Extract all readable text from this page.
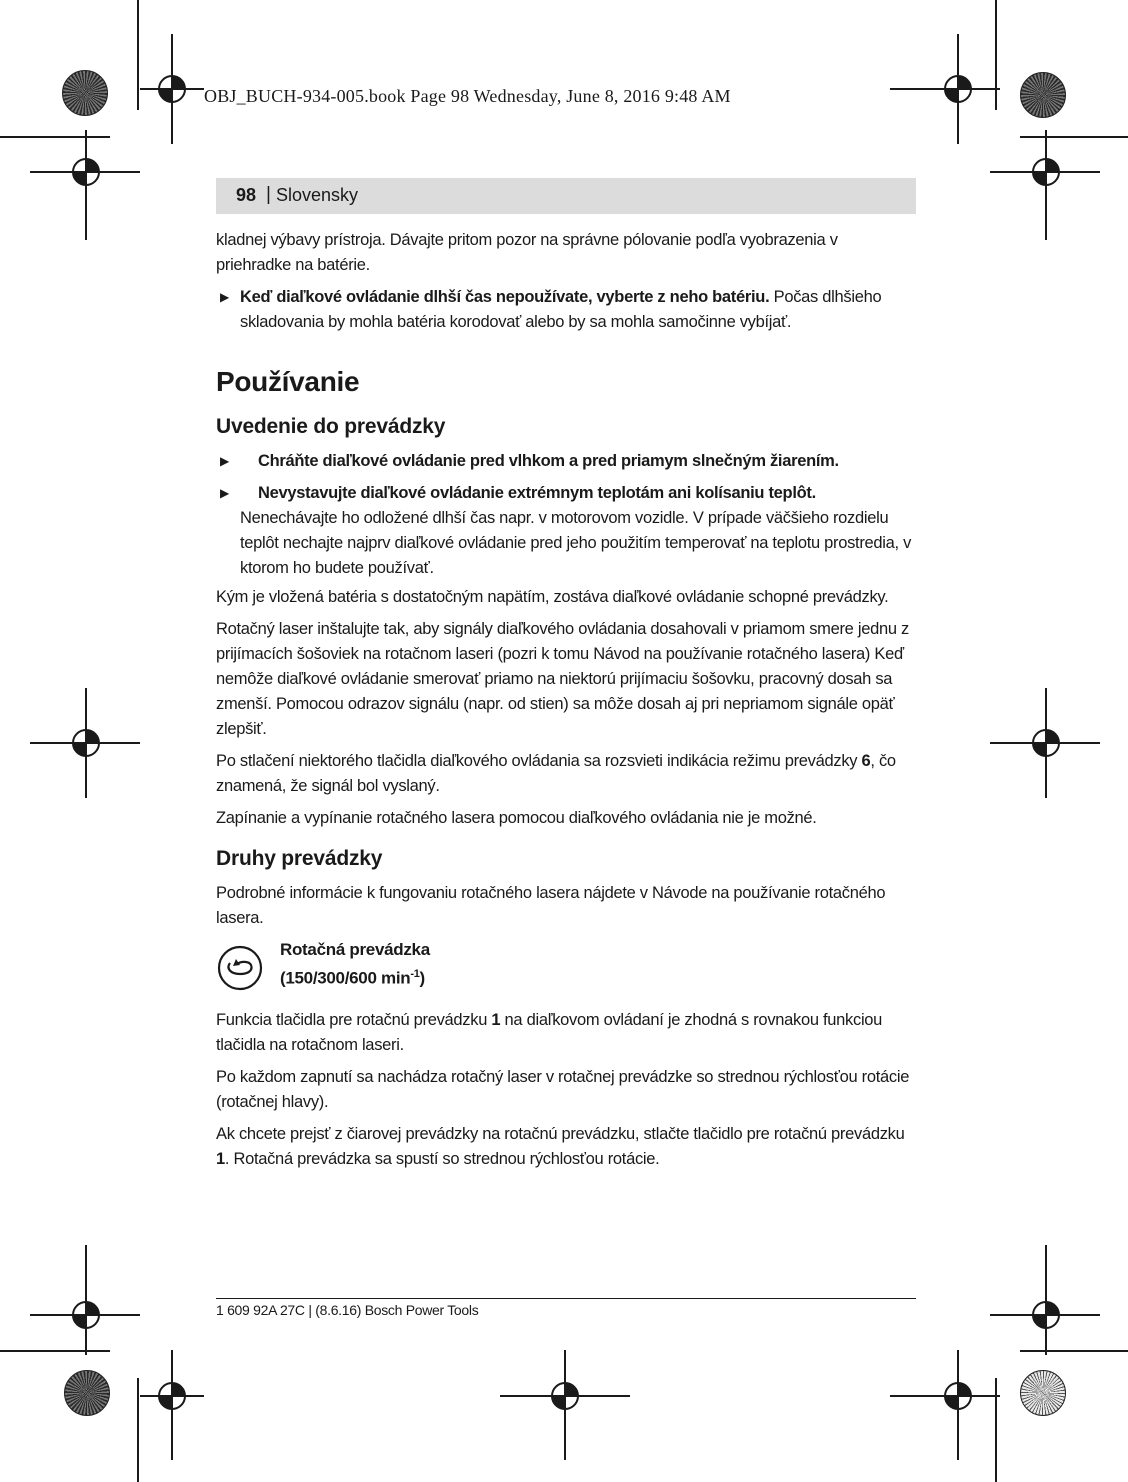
OBJ_BUCH-934-005.book Page 98 Wednesday, June 8, 2016 9:48 AM
98 | Slovensky

kladnej výbavy prístroja. Dávajte pritom pozor na správne pólovanie podľa vyobrazenia v priehradke na batérie.

▶ Keď diaľkové ovládanie dlhší čas nepoužívate, vyberte z neho batériu. Počas dlhšieho skladovania by mohla batéria korodovať alebo by sa mohla samočinne vybíjať.
Používanie
Uvedenie do prevádzky
▶ Chráňte diaľkové ovládanie pred vlhkom a pred priamym slnečným žiarením.
▶ Nevystavujte diaľkové ovládanie extrémnym teplotám ani kolísaniu teplôt.
Nenechávajte ho odložené dlhší čas napr. v motorovom vozidle. V prípade väčšieho rozdielu teplôt nechajte najprv diaľkové ovládanie pred jeho použitím temperovať na teplotu prostredia, v ktorom ho budete používať.

Kým je vložená batéria s dostatočným napätím, zostáva diaľkové ovládanie schopné prevádzky.

Rotačný laser inštalujte tak, aby signály diaľkového ovládania dosahovali v priamom smere jednu z prijímacích šošoviek na rotačnom laseri (pozri k tomu Návod na používanie rotačného lasera) Keď nemôže diaľkové ovládanie smerovať priamo na niektorú prijímaciu šošovku, pracovný dosah sa zmenší. Pomocou odrazov signálu (napr. od stien) sa môže dosah aj pri nepriamom signále opäť zlepšiť.

Po stlačení niektorého tlačidla diaľkového ovládania sa rozsvieti indikácia režimu prevádzky 6, čo znamená, že signál bol vyslaný.

Zapínanie a vypínanie rotačného lasera pomocou diaľkového ovládania nie je možné.

Druhy prevádzky

Podrobné informácie k fungovaniu rotačného lasera nájdete v Návode na používanie rotačného lasera.

Rotačná prevádzka
(150/300/600 $\min^{-1}$)

Funkcia tlačidla pre rotačnú prevádzku 1 na diaľkovom ovládaní je zhodná s rovnakou funkciou tlačidla na rotačnom laseri.

Po každom zapnutí sa nachádza rotačný laser v rotačnej prevádzke so strednou rýchlosťou rotácie (rotačnej hlavy).

Ak chcete prejsť z čiarovej prevádzky na rotačnú prevádzku, stlačte tlačidlo pre rotačnú prevádzku 1. Rotačná prevádzka sa spustí so strednou rýchlosťou rotácie.

1 609 92A 27C | (8.6.16) Bosch Power Tools
